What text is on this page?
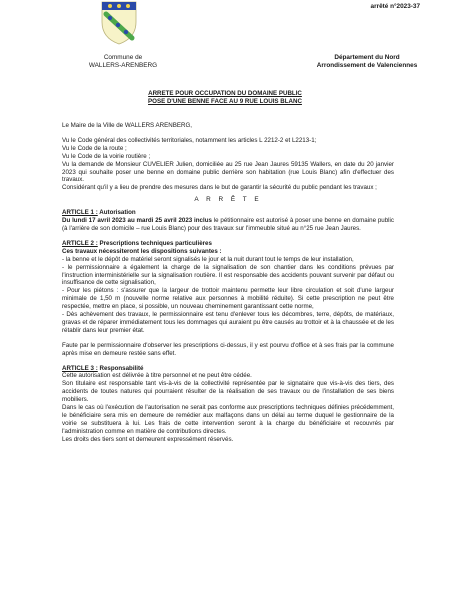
arrêté n°2023-37
Commune de
WALLERS-ARENBERG
Département du Nord
Arrondissement de Valenciennes
ARRETE POUR OCCUPATION DU DOMAINE PUBLIC
POSE D'UNE BENNE FACE AU 9 RUE LOUIS BLANC

Le Maire de la Ville de WALLERS ARENBERG,

Vu le Code général des collectivités territoriales, notamment les articles L 2212-2 et L2213-1;

Vu le Code de la route ;

Vu le Code de la voirie routière ;

Vu la demande de Monsieur CUVELIER Julien, domiciliée au 25 rue Jean Jaures 59135 Wallers, en date du 20 janvier 2023 qui souhaite poser une benne en domaine public derrière son habitation (rue Louis Blanc) afin d'effectuer des travaux.

Considérant qu'il y a lieu de prendre des mesures dans le but de garantir la sécurité du public pendant les travaux ;

A R R Ê T E

ARTICLE 1 : Autorisation

Du lundi 17 avril 2023 au mardi 25 avril 2023 inclus le pétitionnaire est autorisé à poser une benne en domaine public (à l'arrière de son domicile – rue Louis Blanc) pour des travaux sur l'immeuble situé au n°25 rue Jean Jaures.

ARTICLE 2 : Prescriptions techniques particulières

Ces travaux nécessiteront les dispositions suivantes :

- la benne et le dépôt de matériel seront signalisés le jour et la nuit durant tout le temps de leur installation,

- le permissionnaire a également la charge de la signalisation de son chantier dans les conditions prévues par l'instruction interministérielle sur la signalisation routière. Il est responsable des accidents pouvant survenir par défaut ou insuffisance de cette signalisation,

- Pour les piétons : s'assurer que la largeur de trottoir maintenu permette leur libre circulation et soit d'une largeur minimale de 1,50 m (nouvelle norme relative aux personnes à mobilité réduite). Si cette prescription ne peut être respectée, mettre en place, si possible, un nouveau cheminement garantissant cette norme,

- Dès achèvement des travaux, le permissionnaire est tenu d'enlever tous les décombres, terre, dépôts, de matériaux, gravas et de réparer immédiatement tous les dommages qui auraient pu être causés au trottoir et à la chaussée et de les rétablir dans leur premier état.

Faute par le permissionnaire d'observer les prescriptions ci-dessus, il y est pourvu d'office et à ses frais par la commune après mise en demeure restée sans effet.

ARTICLE 3 : Responsabilité

Cette autorisation est délivrée à titre personnel et ne peut être cédée.

Son titulaire est responsable tant vis-à-vis de la collectivité représentée par le signataire que vis-à-vis des tiers, des accidents de toutes natures qui pourraient résulter de la réalisation de ses travaux ou de l'installation de ses biens mobiliers.

Dans le cas où l'exécution de l'autorisation ne serait pas conforme aux prescriptions techniques définies précédemment, le bénéficiaire sera mis en demeure de remédier aux malfaçons dans un délai au terme duquel le gestionnaire de la voirie se substituera à lui. Les frais de cette intervention seront à la charge du bénéficiaire et recouvrés par l'administration comme en matière de contributions directes.

Les droits des tiers sont et demeurent expressément réservés.
